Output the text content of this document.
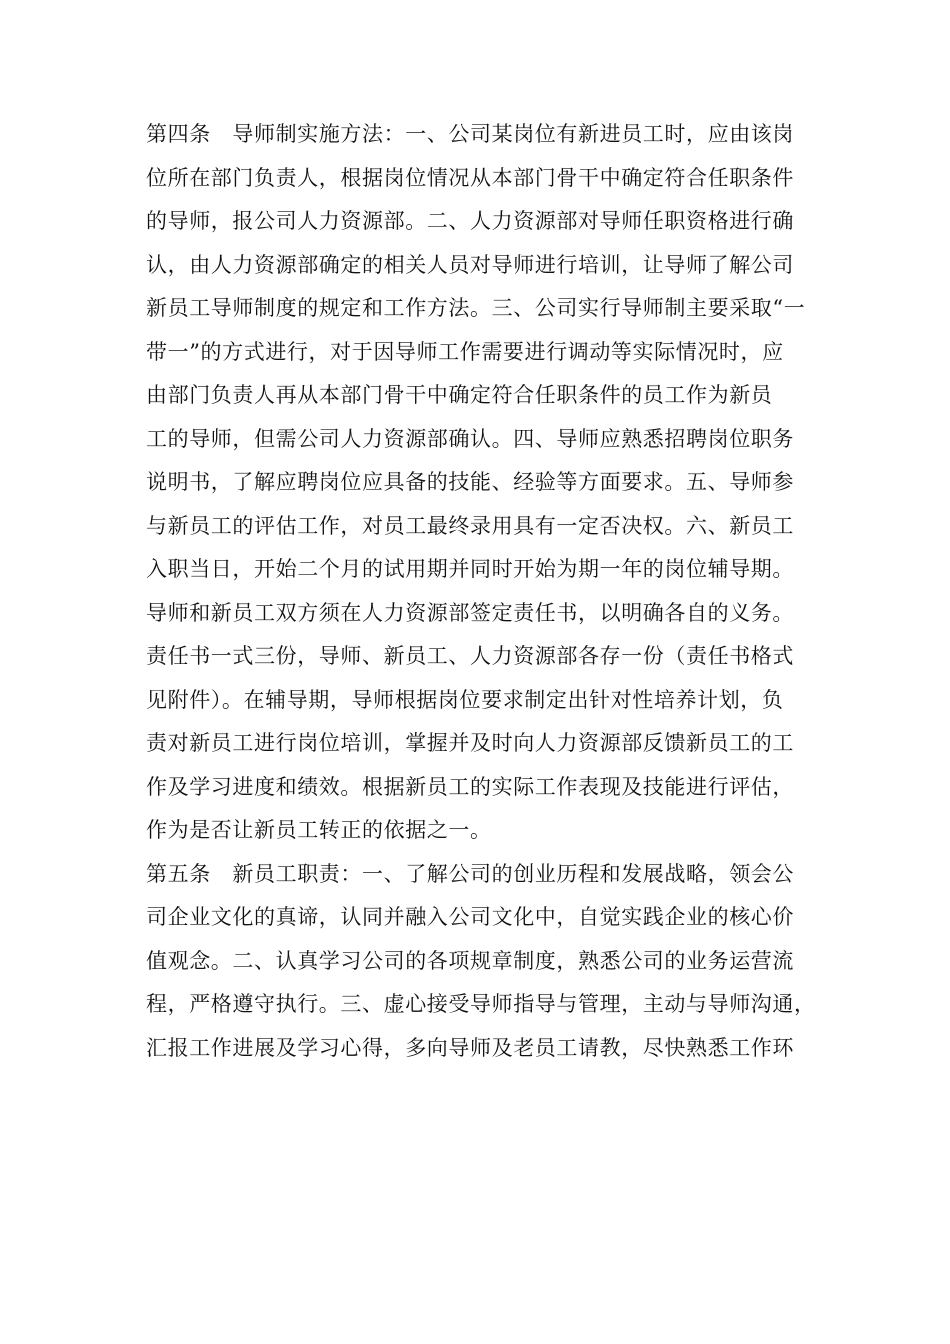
第四条　导师制实施方法：一、公司某岗位有新进员工时，应由该岗
位所在部门负责人，根据岗位情况从本部门骨干中确定符合任职条件
的导师，报公司人力资源部。二、人力资源部对导师任职资格进行确
认，由人力资源部确定的相关人员对导师进行培训，让导师了解公司
新员工导师制度的规定和工作方法。三、公司实行导师制主要采取“一
带一”的方式进行，对于因导师工作需要进行调动等实际情况时，应
由部门负责人再从本部门骨干中确定符合任职条件的员工作为新员
工的导师，但需公司人力资源部确认。四、导师应熟悉招聘岗位职务
说明书，了解应聘岗位应具备的技能、经验等方面要求。五、导师参
与新员工的评估工作，对员工最终录用具有一定否决权。六、新员工
入职当日，开始二个月的试用期并同时开始为期一年的岗位辅导期。
导师和新员工双方须在人力资源部签定责任书，以明确各自的义务。
责任书一式三份，导师、新员工、人力资源部各存一份（责任书格式
见附件）。在辅导期，导师根据岗位要求制定出针对性培养计划，负
责对新员工进行岗位培训，掌握并及时向人力资源部反馈新员工的工
作及学习进度和绩效。根据新员工的实际工作表现及技能进行评估，
作为是否让新员工转正的依据之一。
第五条　新员工职责：一、了解公司的创业历程和发展战略，领会公
司企业文化的真谛，认同并融入公司文化中，自觉实践企业的核心价
值观念。二、认真学习公司的各项规章制度，熟悉公司的业务运营流
程，严格遵守执行。三、虚心接受导师指导与管理，主动与导师沟通，
汇报工作进展及学习心得，多向导师及老员工请教，尽快熟悉工作环
